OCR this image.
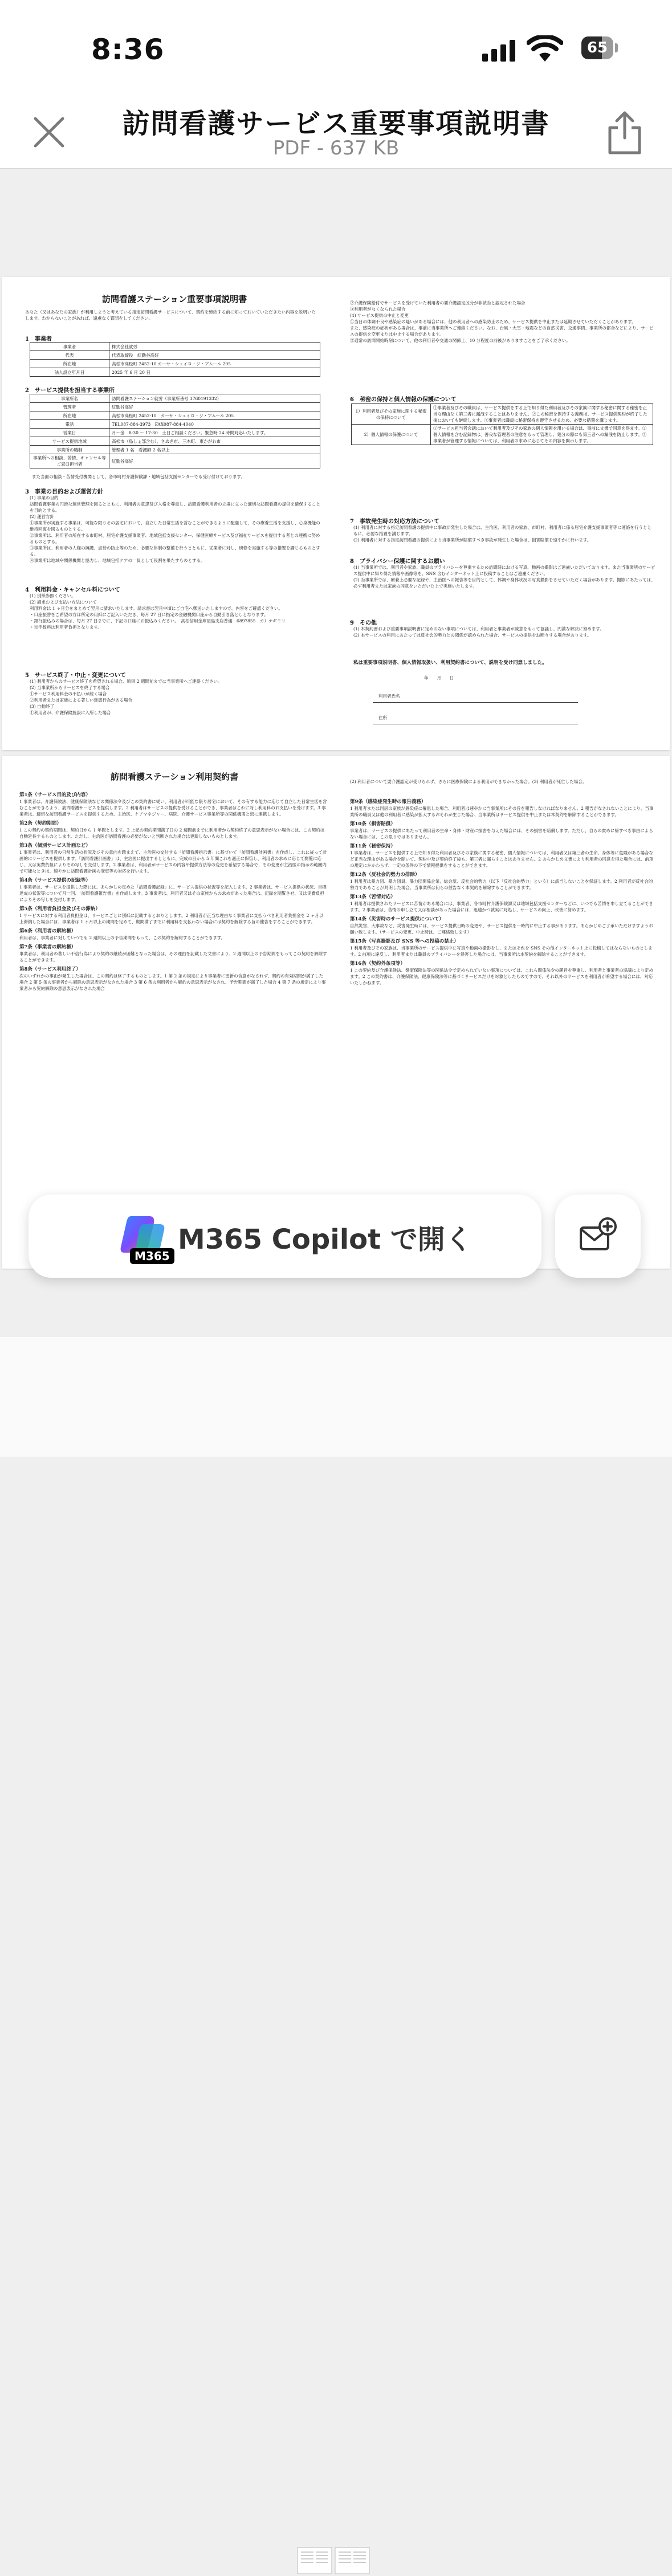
8:36	65
訪問看護サービス重要事項説明書
PDF - 637 KB
訪問看護ステーション重要事項説明書
あなた（又はあなたの家族）が利用しようと考えている指定訪問看護サービスについて、契約を締結する前に知っておいていただきたい内容を説明いたします。わからないことがあれば、遠慮なく質問をしてください。
1　事業者
事業者	株式会社就労
代表	代表取締役　紅勤谷高好
所在地	高松市高松町 2452-10 カーサ・シェイロ・ジ・アムール 205
法人設立年月日	2025 年 6 月 20 日
2　サービス提供を担当する事業所
事業所名	訪問看護ステーション就労（事業所番号 3760191332）
管理者	紅勤谷高好
所在地	高松市高松町 2452-10　カーサ・シェイロ・ジ・アムール 205
電話	TEL087-884-3973　FAX087-884-4040
営業日	月〜金　8:30 〜 17:30　土日ご相談ください。緊急時 24 時間対応いたします。
サービス提供地域	高松市（島しょ部含む）、さぬき市、三木町、東かがわ市
事業所の職制	管理者 1 名　看護師 2 名以上
事業所への相談、苦情、キャンセル等ご窓口担当者	紅勤谷高好
また当面の相談・苦情受付機関として、各市町村介護保険課・地域包括支援センターでも受け付けております。
3　事業の目的および運営方針
(1) 事業の目的
訪問看護事業の円滑な運営管理を図るとともに、利用者の意思及び人格を尊重し、訪問看護利用者の立場に立った適切な訪問看護の提供を確保することを目的とする。
(2) 運営方針
①事業所が実施する事業は、可能な限りその居宅において、自立した日常生活を営むことができるように配慮して、その療養生活を支援し、心身機能の維持回復を図るものとする。
②事業所は、利用者の所在する市町村、居宅介護支援事業者、地域包括支援センター、保健医療サービス及び福祉サービスを提供する者との連携に努めるものとする。
③事業所は、利用者の人権の擁護、虐待の防止等のため、必要な体制の整備を行うとともに、従業者に対し、研修を実施する等の措置を講じるものとする。
④事業所は地域や関係機関と協力し、地域包括ケアの一員として役割を果たすものとする。
4　利用料金・キャンセル料について
(1) 別紙参照ください。
(2) 請求および支払い方法について
利用料金は 1 ヶ月分をまとめて翌月に請求いたします。請求書は翌月中頃にご自宅へ郵送いたしますので、内容をご確認ください。
・口座振替をご希望の方は所定の用紙にご記入いただき、毎月 27 日に指定の金融機関口座から自動引き落としとなります。
・銀行振込みの場合は、毎月 27 日までに、下記の口座にお振込みください。　高松信用金庫屋島支店普通　6897855　カ）ナギモリ
・※手数料は利用者負担となります。
5　サービス終了・中止・変更について
(1) 利用者からのサービス終了を希望される場合、原則 2 週間前までに当事業所へご連絡ください。
(2) 当事業所からサービスを終了する場合
①サービス利用料金の不払いが続く場合
②利用者または家族による著しい迷惑行為がある場合
(3) 自動終了
①利用者が、介護保険施設に入所した場合
②介護保険給付でサービスを受けていた利用者の要介護認定区分が非該当と認定された場合
③利用者がなくなられた場合
(4) サービス提供の中止と変更
①当日の体調不良や感染症の疑いがある場合には、他の利用者への感染防止のため、サービス提供を中止または延期させていただくことがあります。
また、感染症の症状がある場合は、事前に当事業所へご連絡ください。なお、台風・大雪・地震などの自然災害、交通事情、事業所の都合などにより、サービスの提供を変更または中止する場合があります。
②通常の訪問開始時刻について、他の利用者や交通の関係上、10 分程度の前後がありますことをご了承ください。
6　秘密の保持と個人情報の保護について
1）利用者及びその家族に関する秘密の保持について	①事業者及びその職員は、サービス提供をする上で知り得た利用者及びその家族に関する秘密に関する秘密を正当な理由なく第三者に漏洩することはありません。②この秘密を保持する義務は、サービス提供契約が終了した後においても継続します。③事業者は職員に秘密保持を遵守させるため、必要な措置を講じます。
2）個人情報の保護について	①サービス担当者会議において利用者及びその家族の個人情報を用いる場合は、事前に文書で同意を得ます。②個人情報を含む記録物は、善良な管理者の注意をもって管理し、処分の際にも第三者への漏洩を防止します。③事業者が管理する情報については、利用者の求めに応じてその内容を開示します。
7　事故発生時の対応方法について
(1) 利用者に対する指定訪問看護の提供中に事故が発生した場合は、主治医、利用者の家族、市町村、利用者に係る居宅介護支援事業者等に連絡を行うとともに、必要な措置を講じます。
(2) 利用者に対する指定訪問看護の提供により当事業所が賠償すべき事故が発生した場合は、損害賠償を速やかに行います。
8　プライバシー保護に関するお願い
(1) 当事業所では、利用者や家族、職員のプライバシーを尊重するため訪問時における写真、動画の撮影はご遠慮いただいております。また当事業所のサービス提供中に知り得た情報や画像等を、SNS 含むインターネット上に投稿することはご遠慮ください。
(2) 当事業所では、療養上必要な記録や、主治医への報告等を目的として、体調や身体状況の写真撮影をさせていただく場合があります。撮影にあたっては、必ず利用者または家族の同意をいただいた上で実施いたします。
9　その他
(1) 本契約書および重要事項説明書に定めのない事項については、利用者と事業者が誠意をもって協議し、円満な解決に努めます。
(2) 本サービスの利用にあたっては反社会的勢力との関係が認められた場合、サービスの提供をお断りする場合があります。
私は重要事項説明書、個人情報取扱い、利用契約書について、説明を受け同意しました。
年　　月　　日
利用者氏名
住所
訪問看護ステーション利用契約書
第1条（サービス目的及び内容）
1 事業者は、介護保険法、健康保険法などの関係法令及びこの契約書に従い、利用者が可能な限り居宅において、その有する能力に応じて自立した日常生活を営むことができるよう、訪問看護サービスを提供します。2 利用者はサービスの提供を受けることができ、事業者はこれに対し利用料のお支払いを受けます。3 事業者は、適切な訪問看護サービスを提供するため、主治医、ケアマネジャー、病院、介護サービス事業所等の関係機関と密に連携します。
第2条（契約期間）
1 この契約の契約期間は、契約日から 1 年間とします。2 上記の契約期間満了日の 2 週間前までに利用者から契約終了の意思表示がない場合には、この契約は自動延長するものとします。ただし、主治医が訪問看護の必要がないと判断された場合は更新しないものとします。
第3条（個別サービス計画など）
1 事業者は、利用者の日常生活の状況及びその意向を踏まえて、主治医の交付する「訪問看護指示書」に基づいて「訪問看護計画書」を作成し、これに従って計画的にサービスを提供します。「訪問看護計画書」は、主治医に提出するとともに、完成の日から 5 年間これを適正に保管し、利用者の求めに応じて閲覧に応じ、又は実費負担によりその写しを交付します。2 事業者は、利用者がサービスの内容や提供方法等の変更を希望する場合で、その変更が主治医の指示の範囲内で可能なときは、速やかに訪問看護計画の変更等の対応を行います。
第4条（サービス提供の記録等）
1 事業者は、サービスを提供した際には、あらかじめ定めた「訪問看護記録」に、サービス提供の状況等を記入します。2 事業者は、サービス提供の状況、目標達成の状況等について月一回、「訪問看護報告書」を作成します。3 事業者は、利用者又はその家族からの求めがあった場合は、記録を閲覧させ、又は実費負担によりその写しを交付します。
第5条（利用者負担金及びその滞納）
1 サービスに対する利用者負担金は、サービスごとに別紙に記載するとおりとします。2 利用者が正当な理由なく事業者に支払うべき利用者負担金を 2 ヶ月以上滞納した場合には、事業者は 1 ヶ月以上の期間を定めて、期間満了までに利用料を支払わない場合には契約を解除する旨の催告をすることができます。
第6条（利用者の解約権）
利用者は、事業者に対していつでも 2 週間以上の予告期間をもって、この契約を解約することができます。
第7条（事業者の解約権）
事業者は、利用者の著しい不信行為により契約の継続が困難となった場合は、その理由を記載した文書により、2 週間以上の予告期間をもってこの契約を解除することができます。
第8条（サービス利用終了）
次のいずれかの事由が発生した場合は、この契約は終了するものとします。1 第 2 条の規定により事業者に更新の合意がなされず、契約の有効期間が満了した場合 2 第 5 条の事業者から解除の意思表示がなされた場合 3 第 6 条の利用者から解約の意思表示がなされ、予告期間が満了した場合 4 第 7 条の規定により事業者から契約解除の意思表示がなされた場合
(2) 利用者について要介護認定が受けられず、さらに医療保険による利用ができなかった場合。(3) 利用者が死亡した場合。
第9条（感染症発生時の報告義務）
1 利用者または同居の家族が感染症に罹患した場合、利用者は速やかに当事業所にその旨を報告しなければなりません。2 報告がなされないことにより、当事業所の職員又は他の利用者に感染が拡大するおそれが生じた場合、当事業所はサービス提供を中止または本契約を解除することができます。
第10条（損害賠償）
事業者は、サービスの提供にあたって利用者の生命・身体・財産に損害を与えた場合には、その損害を賠償します。ただし、自らの責めに帰すべき事由によらない場合には、この限りではありません。
第11条（秘密保持）
1 事業者は、サービスを提供する上で知り得た利用者及びその家族に関する秘密、個人情報については、利用者又は第三者の生命、身体等に危険がある場合など正当な理由がある場合を除いて、契約中及び契約終了後も、第三者に漏らすことはありません。2 あらかじめ文書により利用者の同意を得た場合には、前項の規定にかかわらず、一定の条件の下で情報提供をすることができます。
第12条（反社会的勢力の排除）
1 利用者は暴力団、暴力団員、暴力団関係企業、総会屋、反社会的勢力（以下「反社会的勢力」という）に該当しないことを保証します。2 利用者が反社会的勢力であることが判明した場合、当事業所は何らの催告なく本契約を解除することができます。
第13条（苦情対応）
1 利用者は提供されたサービスに苦情がある場合には、事業者、各市町村介護保険課又は地域包括支援センターなどに、いつでも苦情を申し立てることができます。2 事業者は、苦情の申し立て又は相談があった場合には、迅速かつ誠実に対処し、サービスの向上、改善に努めます。
第14条（災害時のサービス提供について）
自然災害、大事故など、災害発生時には、サービス提供日時の変更や、サービス提供を一時的に中止する事があります。あらかじめご了承いただけますようお願い致します。（サービスの変更、中止時は、ご連絡致します）
第15条（写真撮影及び SNS 等への投稿の禁止）
1 利用者及びその家族は、当事業所のサービス提供中に写真や動画の撮影をし、またはそれを SNS その他インターネット上に投稿してはならないものとします。2 前項に違反し、利用者または職員のプライバシーを侵害した場合には、当事業所は本契約を解除することができます。
第16条（契約外条項等）
1 この契約及び介護保険法、健康保険法等の関係法令で定められていない事項については、これら関係法令の趣旨を尊重し、利用者と事業者の協議により定めます。2 この契約書は、介護保険法、健康保険法等に基づくサービスだけを対象としたものですので、それ以外のサービスを利用者が希望する場合には、対応いたしかねます。
M365
M365 Copilot で開く
